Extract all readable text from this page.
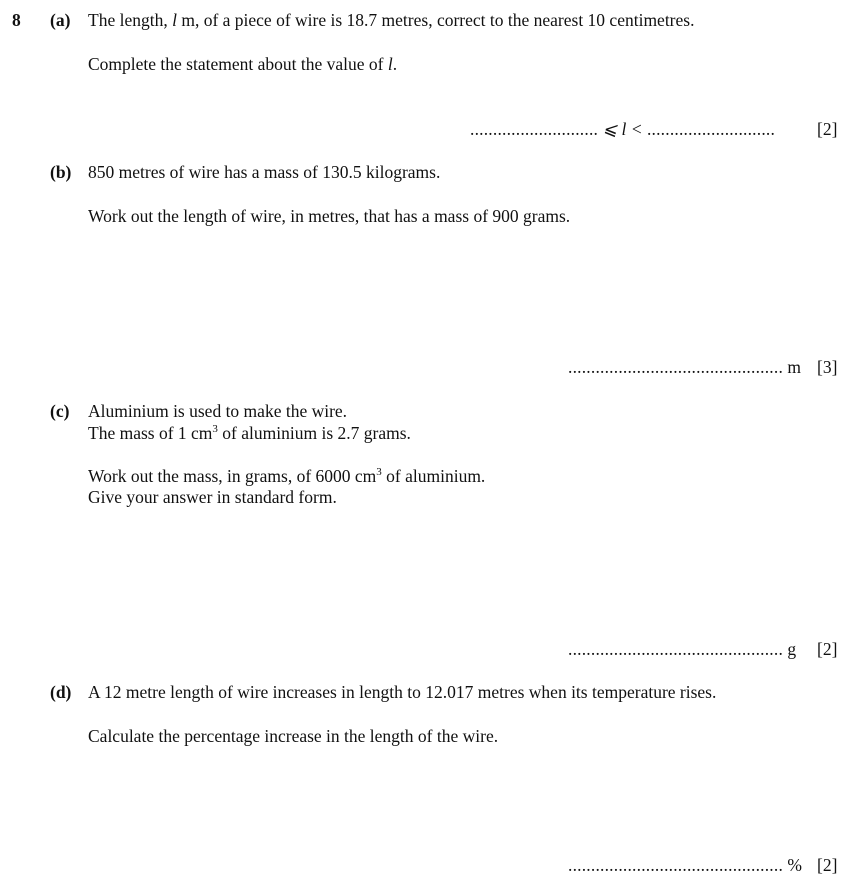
8 (a) The length, l m, of a piece of wire is 18.7 metres, correct to the nearest 10 centimetres.
Complete the statement about the value of l.
............................ ⩽ l < ............................ [2]
(b) 850 metres of wire has a mass of 130.5 kilograms.
Work out the length of wire, in metres, that has a mass of 900 grams.
............................................... m [3]
(c) Aluminium is used to make the wire.
The mass of 1 $cm^3$ of aluminium is 2.7 grams.
Work out the mass, in grams, of 6000 $cm^3$ of aluminium.
Give your answer in standard form.
............................................... g [2]
(d) A 12 metre length of wire increases in length to 12.017 metres when its temperature rises.
Calculate the percentage increase in the length of the wire.
............................................... % [2]
